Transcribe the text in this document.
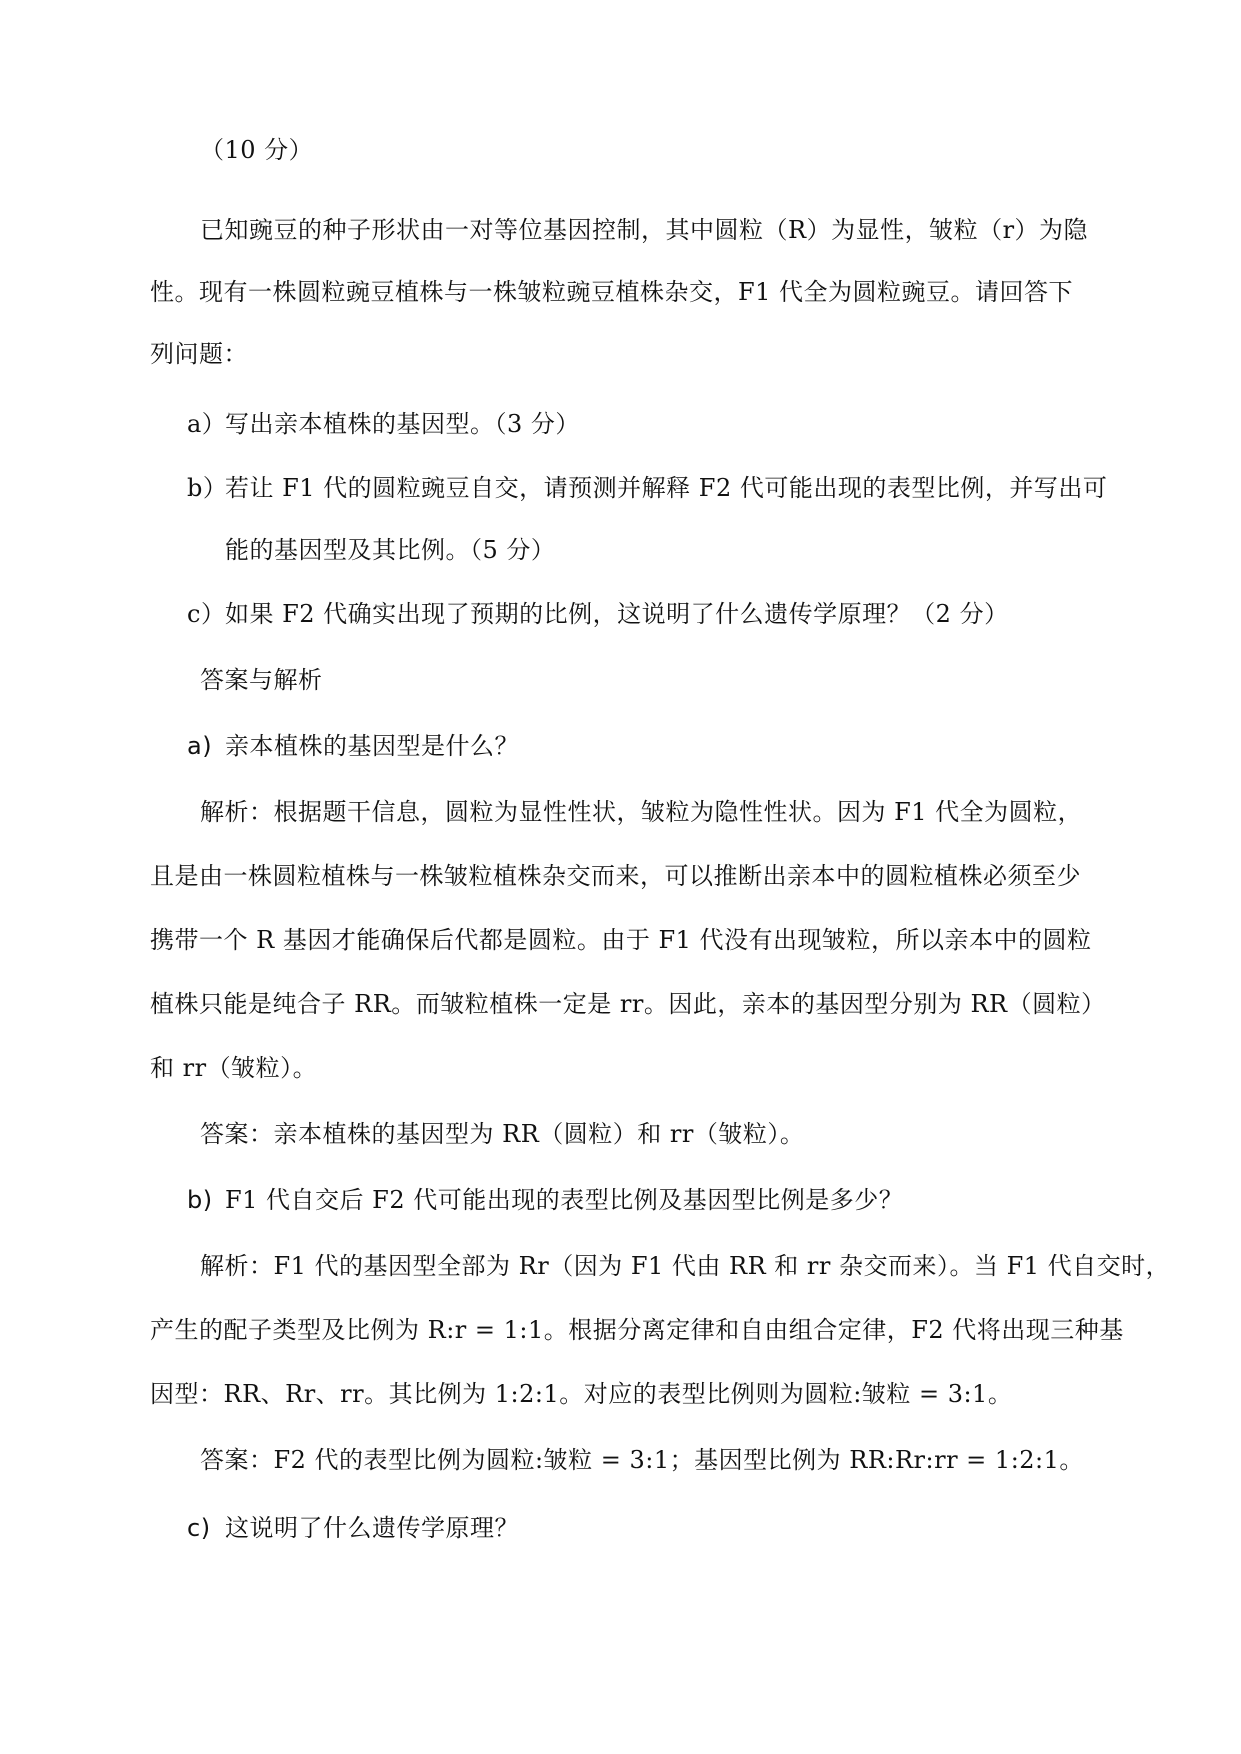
（10 分）
已知豌豆的种子形状由一对等位基因控制，其中圆粒（R）为显性，皱粒（r）为隐
性。现有一株圆粒豌豆植株与一株皱粒豌豆植株杂交，F1 代全为圆粒豌豆。请回答下
列问题：
a）写出亲本植株的基因型。（3 分）
b）若让 F1 代的圆粒豌豆自交，请预测并解释 F2 代可能出现的表型比例，并写出可
能的基因型及其比例。（5 分）
c）如果 F2 代确实出现了预期的比例，这说明了什么遗传学原理？（2 分）
答案与解析
a) 亲本植株的基因型是什么？
解析：根据题干信息，圆粒为显性性状，皱粒为隐性性状。因为 F1 代全为圆粒，
且是由一株圆粒植株与一株皱粒植株杂交而来，可以推断出亲本中的圆粒植株必须至少
携带一个 R 基因才能确保后代都是圆粒。由于 F1 代没有出现皱粒，所以亲本中的圆粒
植株只能是纯合子 RR。而皱粒植株一定是 rr。因此，亲本的基因型分别为 RR（圆粒）
和 rr（皱粒）。
答案：亲本植株的基因型为 RR（圆粒）和 rr（皱粒）。
b) F1 代自交后 F2 代可能出现的表型比例及基因型比例是多少？
解析：F1 代的基因型全部为 Rr（因为 F1 代由 RR 和 rr 杂交而来）。当 F1 代自交时，
产生的配子类型及比例为 R:r = 1:1。根据分离定律和自由组合定律，F2 代将出现三种基
因型：RR、Rr、rr。其比例为 1:2:1。对应的表型比例则为圆粒:皱粒 = 3:1。
答案：F2 代的表型比例为圆粒:皱粒 = 3:1；基因型比例为 RR:Rr:rr = 1:2:1。
c) 这说明了什么遗传学原理？
